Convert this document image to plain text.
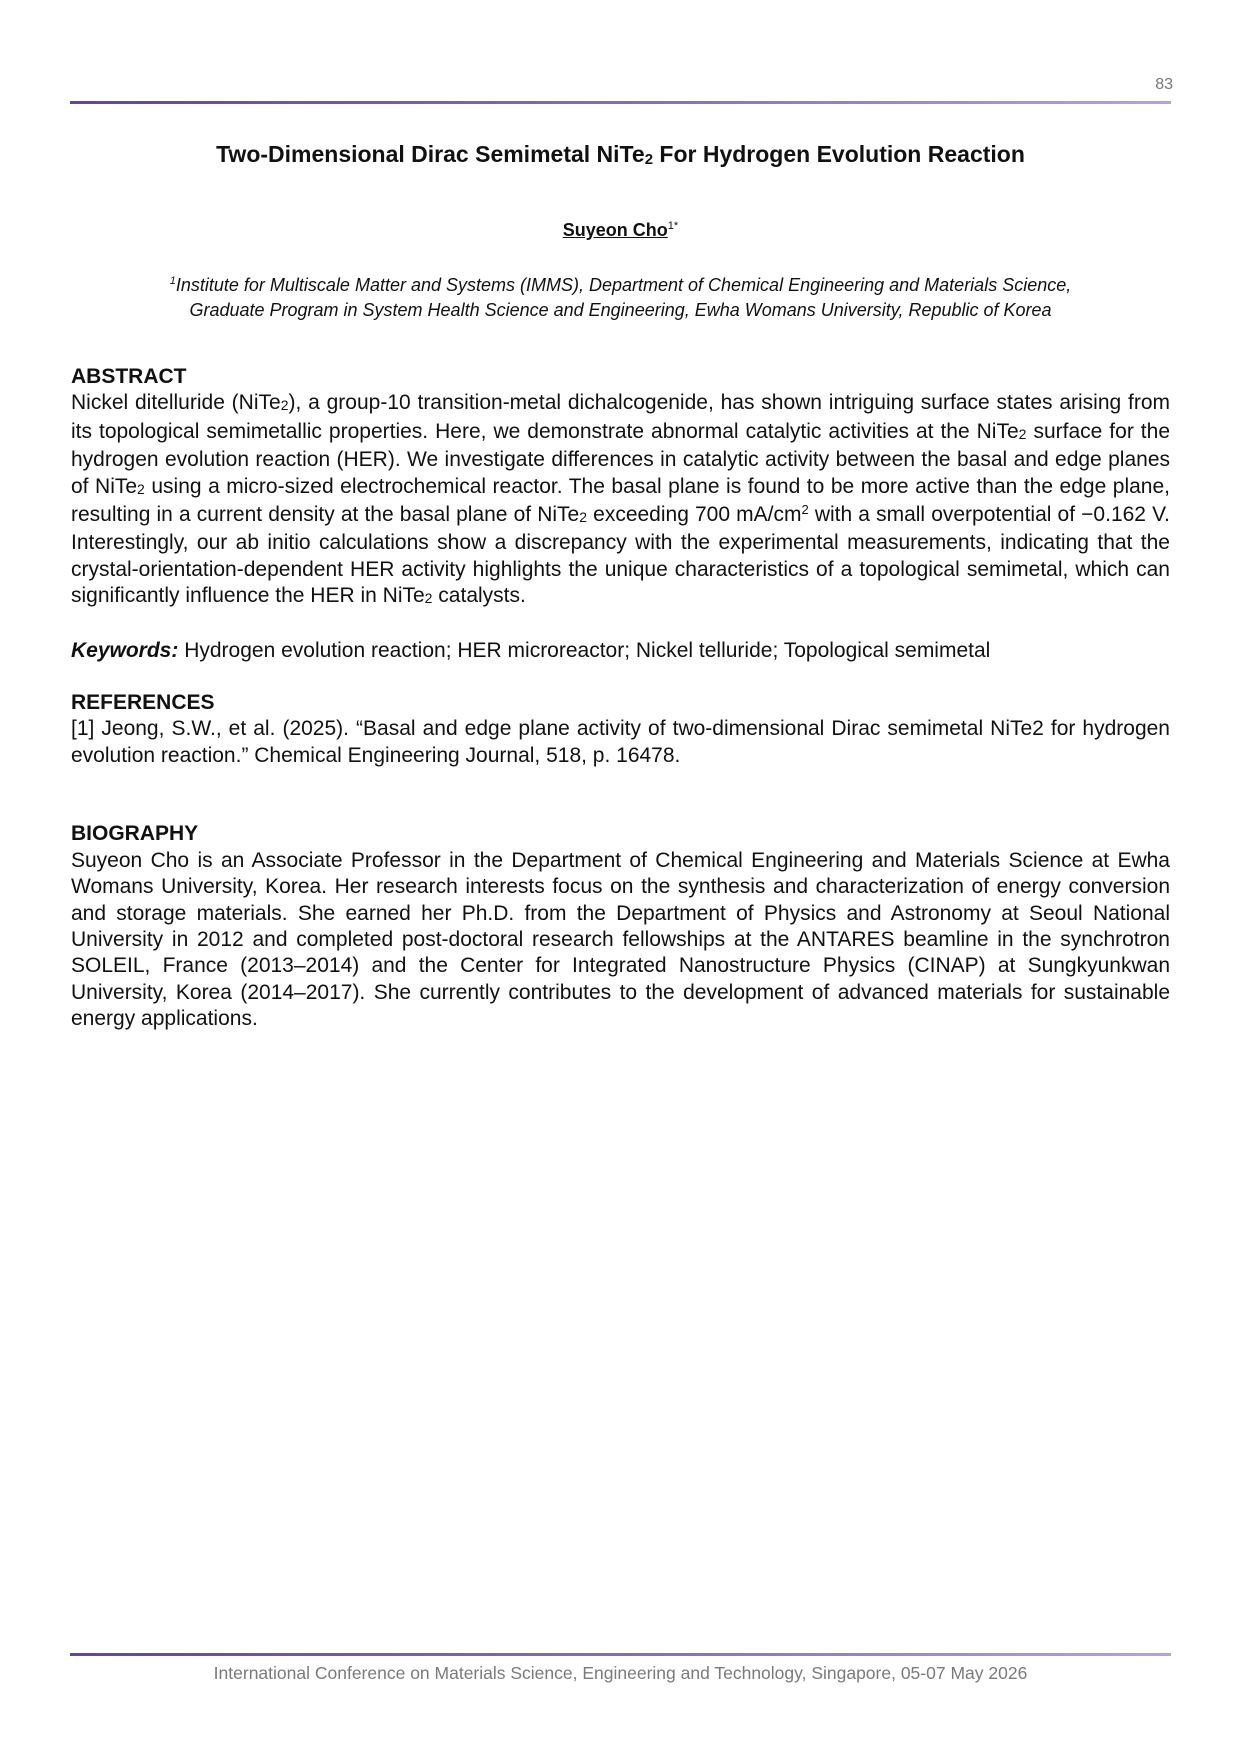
83
Two-Dimensional Dirac Semimetal NiTe$_2$ For Hydrogen Evolution Reaction
Suyeon Cho$^{1*}$
$^1$Institute for Multiscale Matter and Systems (IMMS), Department of Chemical Engineering and Materials Science,
Graduate Program in System Health Science and Engineering, Ewha Womans University, Republic of Korea
ABSTRACT

Nickel ditelluride (NiTe$_2$), a group-10 transition-metal dichalcogenide, has shown intriguing surface states arising from its topological semimetallic properties. Here, we demonstrate abnormal catalytic activities at the NiTe$_2$ surface for the hydrogen evolution reaction (HER). We investigate differences in catalytic activity between the basal and edge planes of NiTe$_2$ using a micro-sized electrochemical reactor. The basal plane is found to be more active than the edge plane, resulting in a current density at the basal plane of NiTe$_2$ exceeding 700 $mA/cm^2$ with a small overpotential of −0.162 V. Interestingly, our ab initio calculations show a discrepancy with the experimental measurements, indicating that the crystal-orientation-dependent HER activity highlights the unique characteristics of a topological semimetal, which can significantly influence the HER in NiTe$_2$ catalysts.

Keywords: Hydrogen evolution reaction; HER microreactor; Nickel telluride; Topological semimetal

REFERENCES

[1] Jeong, S.W., et al. (2025). “Basal and edge plane activity of two-dimensional Dirac semimetal NiTe2 for hydrogen evolution reaction.” Chemical Engineering Journal, 518, p. 16478.

BIOGRAPHY

Suyeon Cho is an Associate Professor in the Department of Chemical Engineering and Materials Science at Ewha Womans University, Korea. Her research interests focus on the synthesis and characterization of energy conversion and storage materials. She earned her Ph.D. from the Department of Physics and Astronomy at Seoul National University in 2012 and completed post-doctoral research fellowships at the ANTARES beamline in the synchrotron SOLEIL, France (2013–2014) and the Center for Integrated Nanostructure Physics (CINAP) at Sungkyunkwan University, Korea (2014–2017). She currently contributes to the development of advanced materials for sustainable energy applications.

International Conference on Materials Science, Engineering and Technology, Singapore, 05-07 May 2026
